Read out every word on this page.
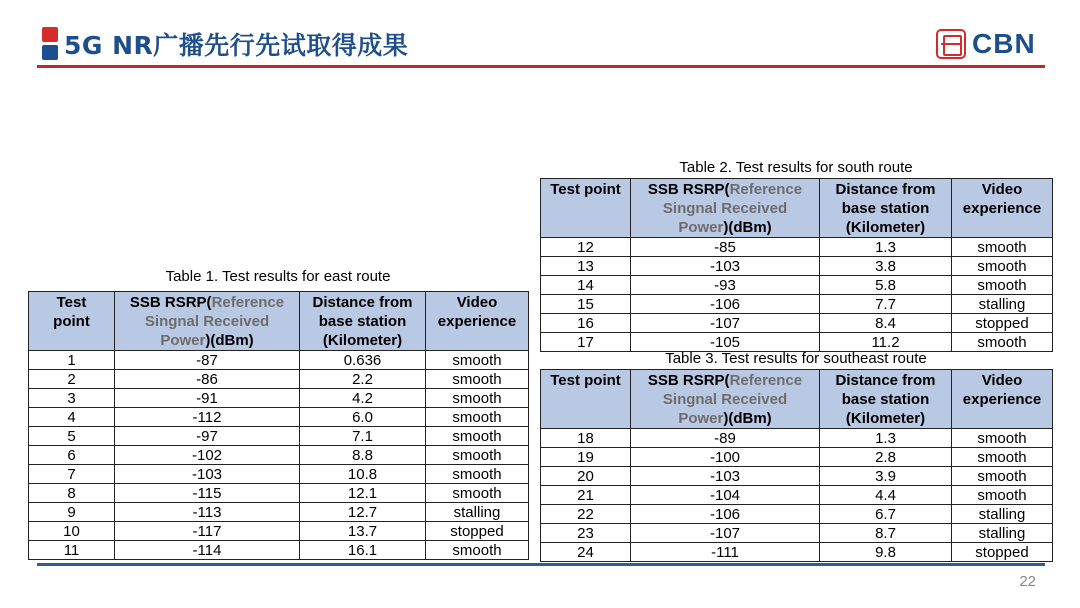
5G NR广播先行先试取得成果	CBN
Table 1. Test results for east route
Test
point	SSB RSRP(Reference
Singnal Received
Power)(dBm)	Distance from
base station
(Kilometer)	Video
experience
1	-87	0.636	smooth
2	-86	2.2	smooth
3	-91	4.2	smooth
4	-112	6.0	smooth
5	-97	7.1	smooth
6	-102	8.8	smooth
7	-103	10.8	smooth
8	-115	12.1	smooth
9	-113	12.7	stalling
10	-117	13.7	stopped
11	-114	16.1	smooth
Table 2. Test results for south route
Test point	SSB RSRP(Reference
Singnal Received
Power)(dBm)	Distance from
base station
(Kilometer)	Video
experience
12	-85	1.3	smooth
13	-103	3.8	smooth
14	-93	5.8	smooth
15	-106	7.7	stalling
16	-107	8.4	stopped
17	-105	11.2	smooth
Table 3. Test results for southeast route
Test point	SSB RSRP(Reference
Singnal Received
Power)(dBm)	Distance from
base station
(Kilometer)	Video
experience
18	-89	1.3	smooth
19	-100	2.8	smooth
20	-103	3.9	smooth
21	-104	4.4	smooth
22	-106	6.7	stalling
23	-107	8.7	stalling
24	-111	9.8	stopped
22
